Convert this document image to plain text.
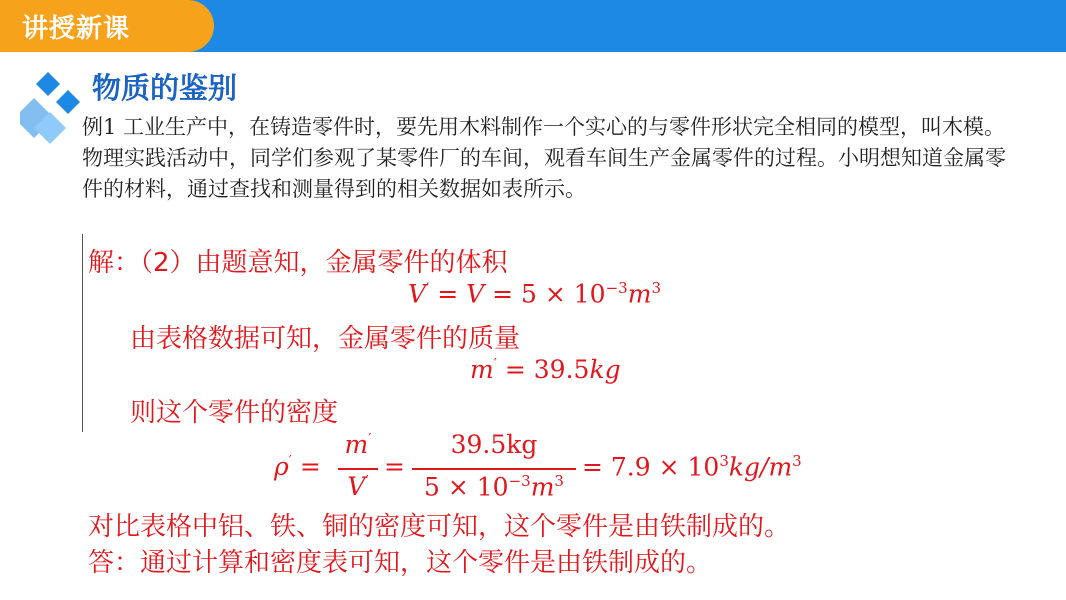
讲授新课
物质的鉴别

例1 工业生产中，在铸造零件时，要先用木料制作一个实心的与零件形状完全相同的模型，叫木模。物理实践活动中，同学们参观了某零件厂的车间，观看车间生产金属零件的过程。小明想知道金属零件的材料，通过查找和测量得到的相关数据如表所示。

解：（2）由题意知，金属零件的体积
$V' = V = 5 \times 10^{-3}m^3$
由表格数据可知，金属零件的质量
m′ = 39.5kg
则这个零件的密度
ρ′ =
m′
V′
=
39.5kg
$5 \times 10^{-3}m^3 = 7.9 \times 10^3kg/m^3$
对比表格中铝、铁、铜的密度可知，这个零件是由铁制成的。
答：通过计算和密度表可知，这个零件是由铁制成的。
